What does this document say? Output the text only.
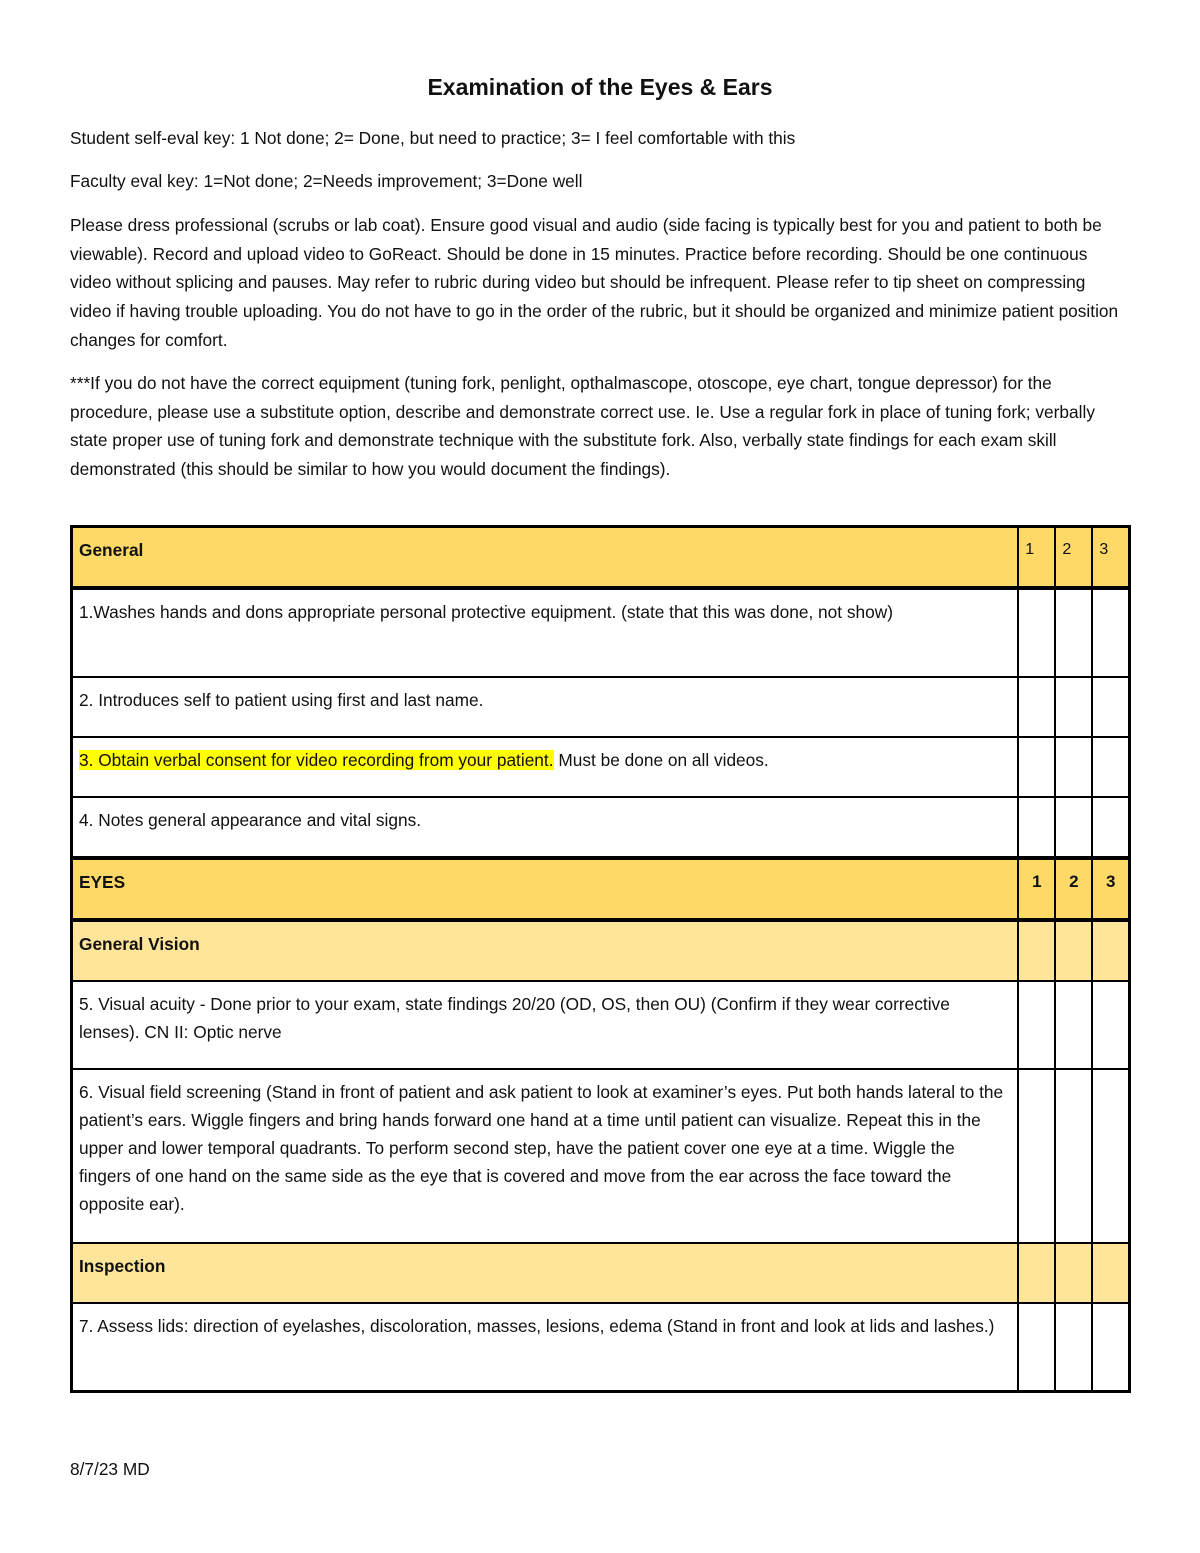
Examination of the Eyes & Ears

Student self-eval key: 1 Not done; 2= Done, but need to practice; 3= I feel comfortable with this

Faculty eval key: 1=Not done; 2=Needs improvement; 3=Done well

Please dress professional (scrubs or lab coat). Ensure good visual and audio (side facing is typically best for you and patient to both be viewable). Record and upload video to GoReact. Should be done in 15 minutes. Practice before recording. Should be one continuous video without splicing and pauses. May refer to rubric during video but should be infrequent. Please refer to tip sheet on compressing video if having trouble uploading. You do not have to go in the order of the rubric, but it should be organized and minimize patient position changes for comfort.

***If you do not have the correct equipment (tuning fork, penlight, opthalmascope, otoscope, eye chart, tongue depressor) for the procedure, please use a substitute option, describe and demonstrate correct use. Ie. Use a regular fork in place of tuning fork; verbally state proper use of tuning fork and demonstrate technique with the substitute fork. Also, verbally state findings for each exam skill demonstrated (this should be similar to how you would document the findings).

General	1	2	3
1.Washes hands and dons appropriate personal protective equipment. (state that this was done, not show)			
2. Introduces self to patient using first and last name.			
3. Obtain verbal consent for video recording from your patient. Must be done on all videos.			
4. Notes general appearance and vital signs.			
EYES	1	2	3
General Vision			
5. Visual acuity - Done prior to your exam, state findings 20/20 (OD, OS, then OU) (Confirm if they wear corrective lenses). CN II: Optic nerve			
6. Visual field screening (Stand in front of patient and ask patient to look at examiner’s eyes. Put both hands lateral to the patient’s ears. Wiggle fingers and bring hands forward one hand at a time until patient can visualize. Repeat this in the upper and lower temporal quadrants. To perform second step, have the patient cover one eye at a time. Wiggle the fingers of one hand on the same side as the eye that is covered and move from the ear across the face toward the opposite ear).			
Inspection			
7. Assess lids: direction of eyelashes, discoloration, masses, lesions, edema (Stand in front and look at lids and lashes.)			
8/7/23 MD
